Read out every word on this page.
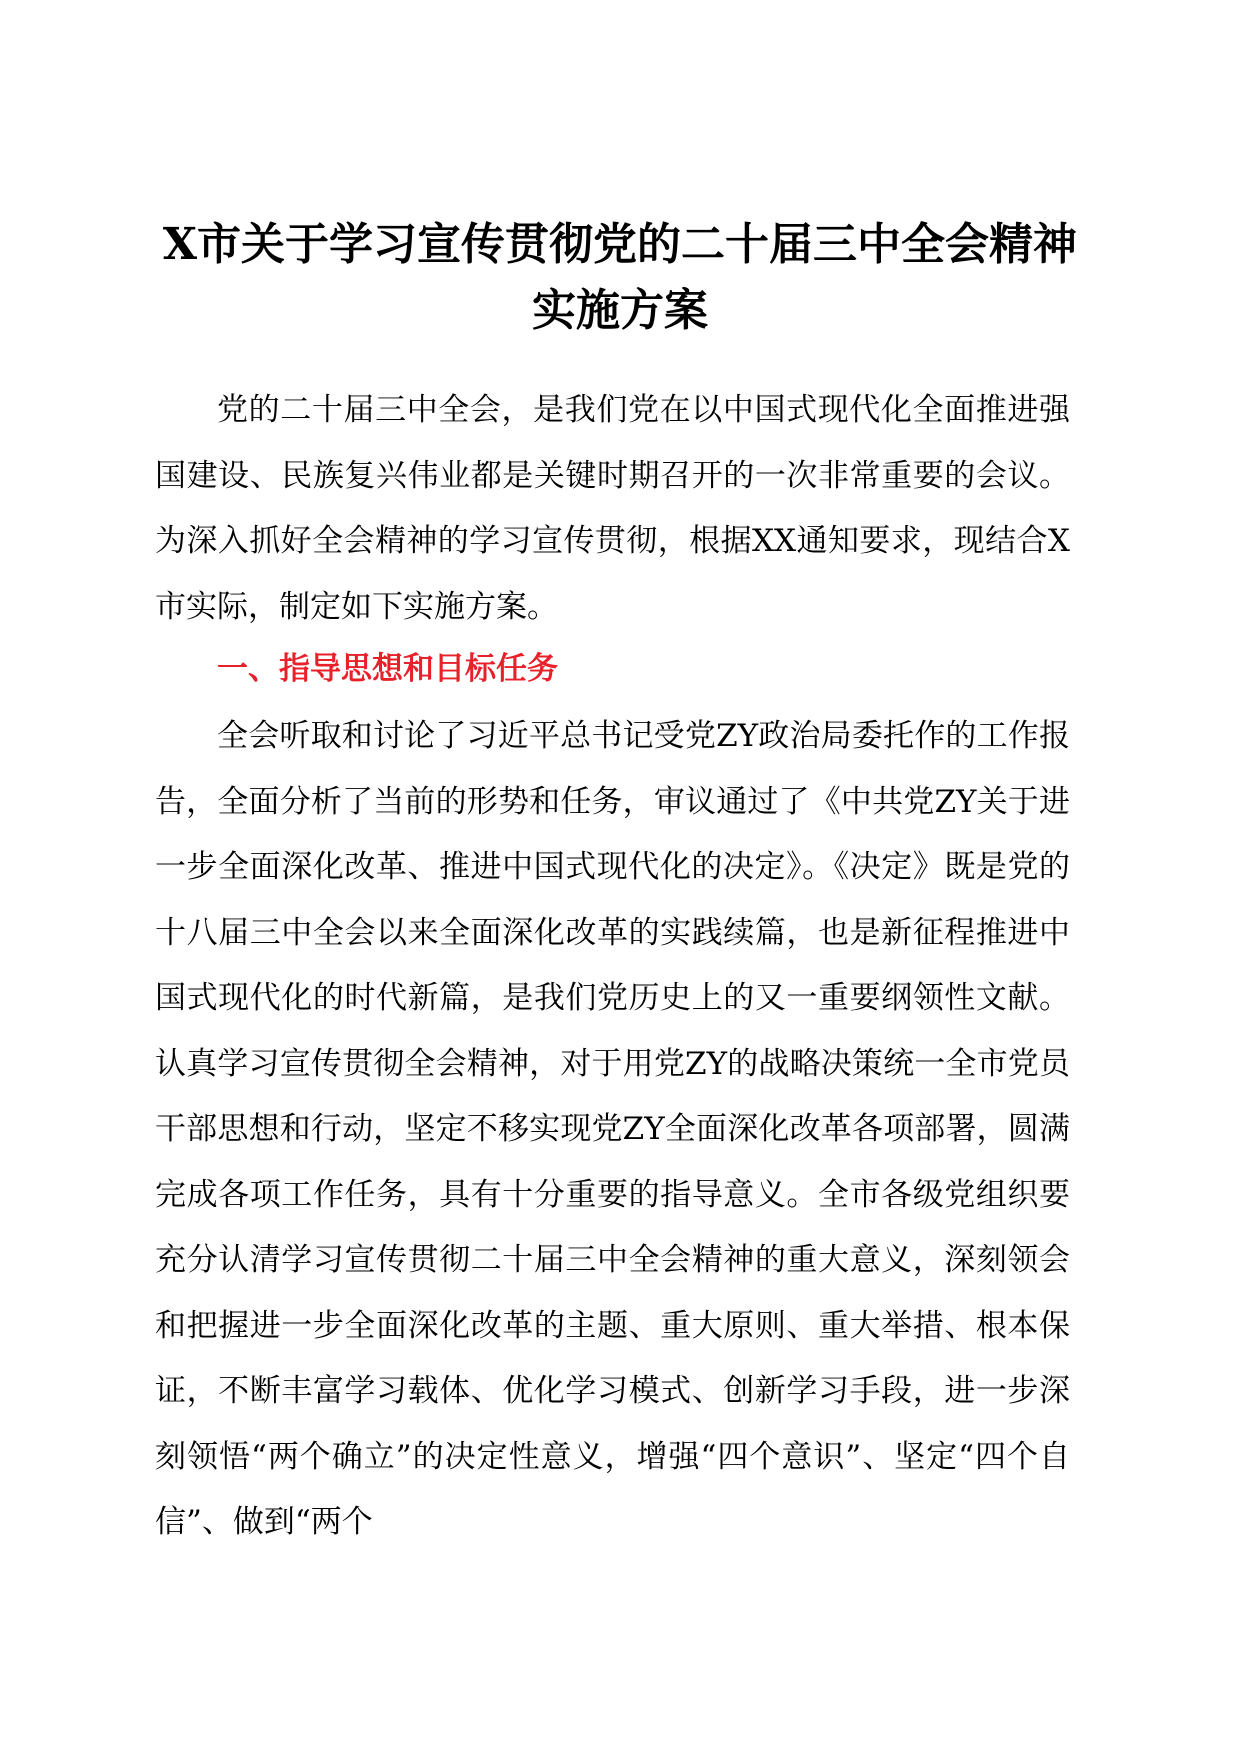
X市关于学习宣传贯彻党的二十届三中全会精神实施方案

党的二十届三中全会，是我们党在以中国式现代化全面推进强国建设、民族复兴伟业都是关键时期召开的一次非常重要的会议。为深入抓好全会精神的学习宣传贯彻，根据XX通知要求，现结合X市实际，制定如下实施方案。

一、指导思想和目标任务

全会听取和讨论了习近平总书记受党ZY政治局委托作的工作报告，全面分析了当前的形势和任务，审议通过了《中共党ZY关于进一步全面深化改革、推进中国式现代化的决定》。《决定》既是党的十八届三中全会以来全面深化改革的实践续篇，也是新征程推进中国式现代化的时代新篇，是我们党历史上的又一重要纲领性文献。认真学习宣传贯彻全会精神，对于用党ZY的战略决策统一全市党员干部思想和行动，坚定不移实现党ZY全面深化改革各项部署，圆满完成各项工作任务，具有十分重要的指导意义。全市各级党组织要充分认清学习宣传贯彻二十届三中全会精神的重大意义，深刻领会和把握进一步全面深化改革的主题、重大原则、重大举措、根本保证，不断丰富学习载体、优化学习模式、创新学习手段，进一步深刻领悟“两个确立”的决定性意义，增强“四个意识”、坚定“四个自信”、做到“两个
